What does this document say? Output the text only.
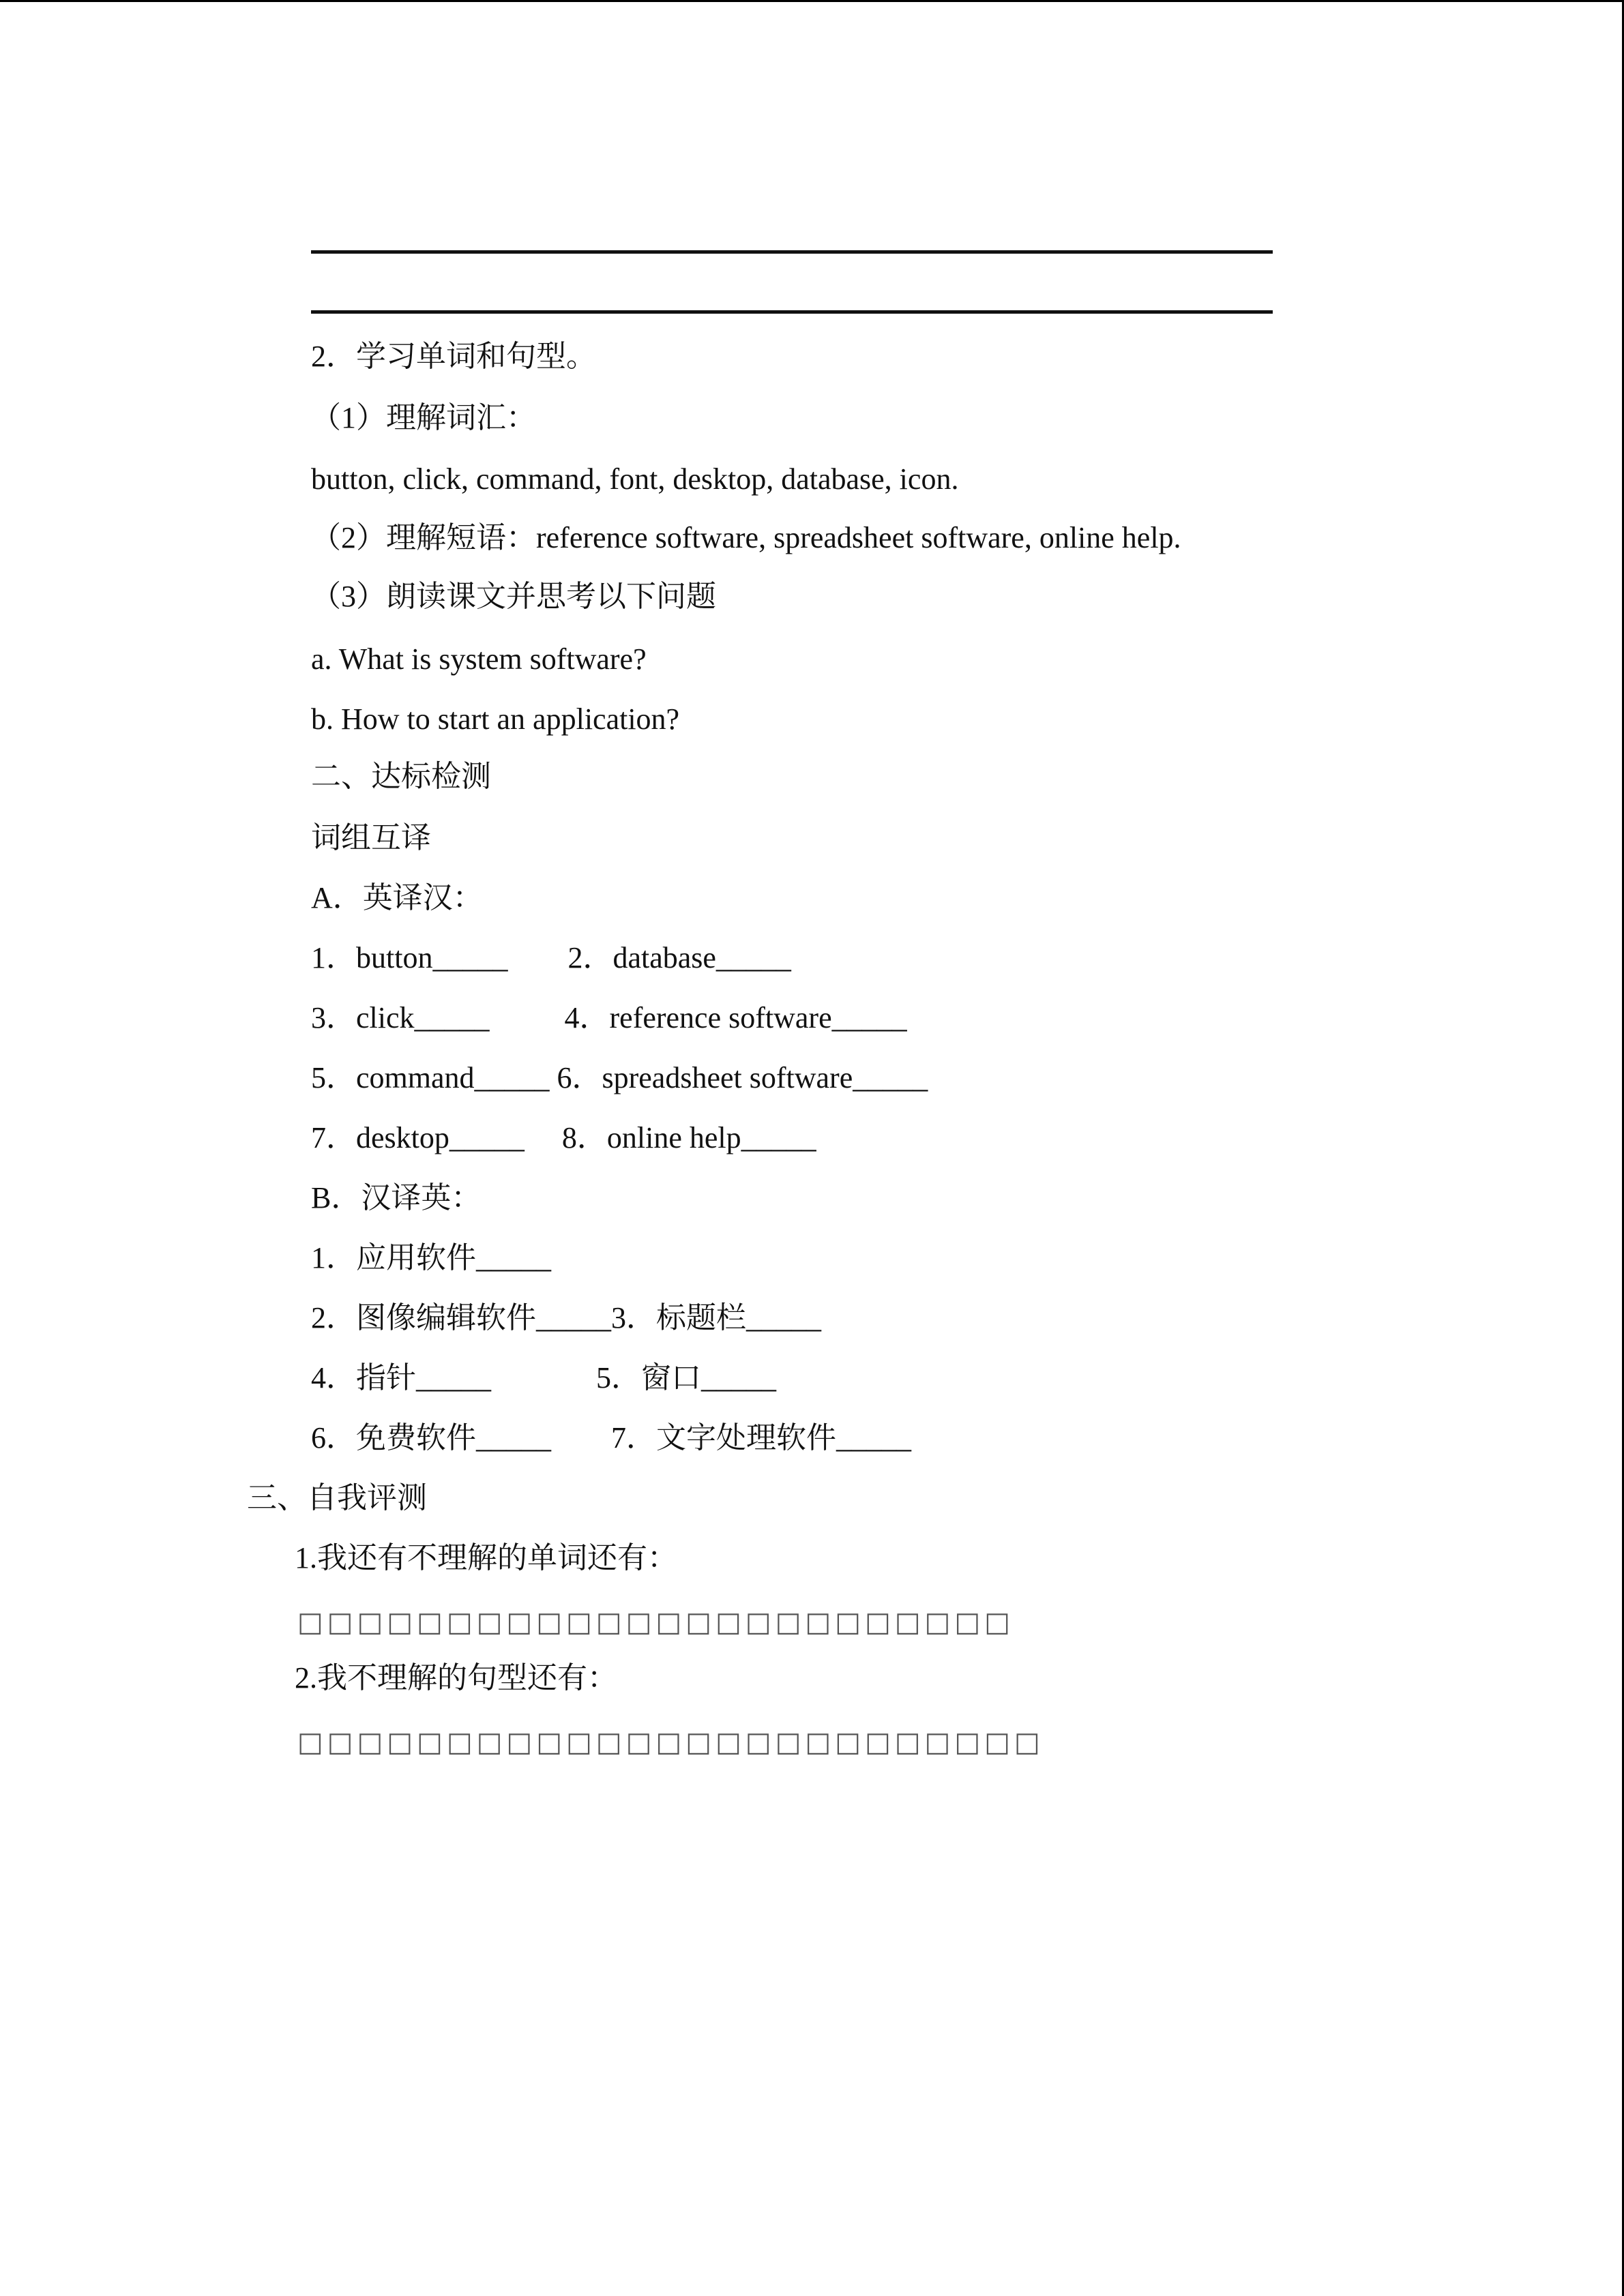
2．学习单词和句型。
（1）理解词汇：
button, click, command, font, desktop, database, icon.
（2）理解短语：reference software, spreadsheet software, online help.
（3）朗读课文并思考以下问题
a. What is system software?
b. How to start an application?
二、达标检测
词组互译
A．英译汉：
1．button_____        2．database_____
3．click_____          4．reference software_____
5．command_____ 6．spreadsheet software_____
7．desktop_____     8．online help_____
B．汉译英：
1．应用软件_____
2．图像编辑软件_____3．标题栏_____
4．指针_____              5．窗口_____
6．免费软件_____        7．文字处理软件_____
三、自我评测
1.我还有不理解的单词还有：
□□□□□□□□□□□□□□□□□□□□□□□□
2.我不理解的句型还有：
□□□□□□□□□□□□□□□□□□□□□□□□□
